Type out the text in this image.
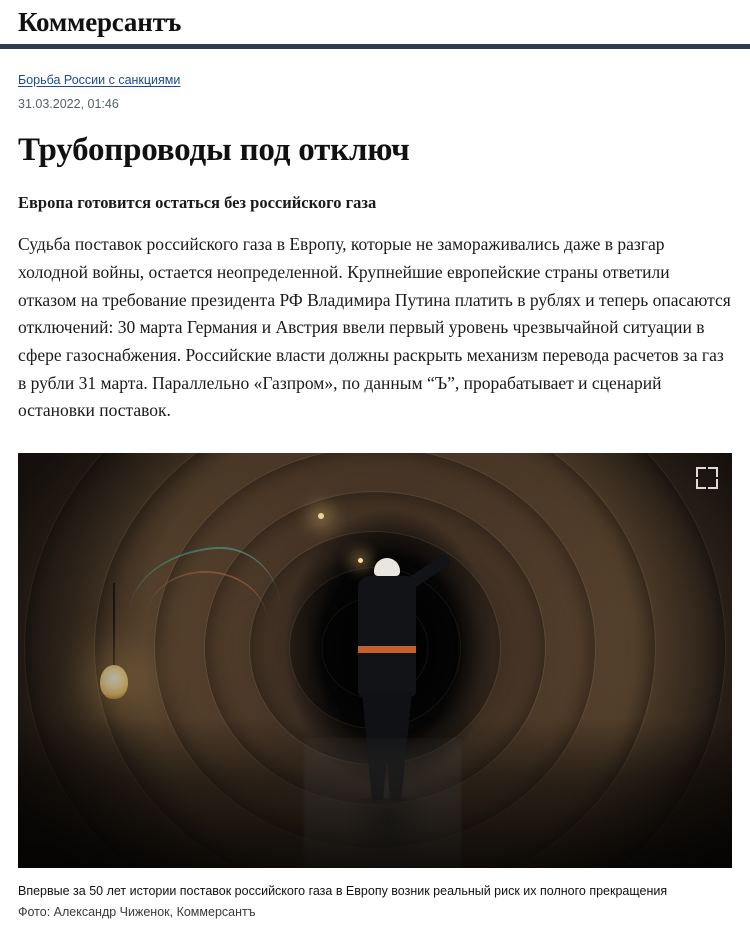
Коммерсантъ
Борьба России с санкциями
31.03.2022, 01:46
Трубопроводы под отключ
Европа готовится остаться без российского газа

Судьба поставок российского газа в Европу, которые не замораживались даже в разгар холодной войны, остается неопределенной. Крупнейшие европейские страны ответили отказом на требование президента РФ Владимира Путина платить в рублях и теперь опасаются отключений: 30 марта Германия и Австрия ввели первый уровень чрезвычайной ситуации в сфере газоснабжения. Российские власти должны раскрыть механизм перевода расчетов за газ в рубли 31 марта. Параллельно «Газпром», по данным “Ъ”, прорабатывает и сценарий остановки поставок.

Впервые за 50 лет истории поставок российского газа в Европу возник реальный риск их полного прекращения
Фото: Александр Чиженок, Коммерсантъ
